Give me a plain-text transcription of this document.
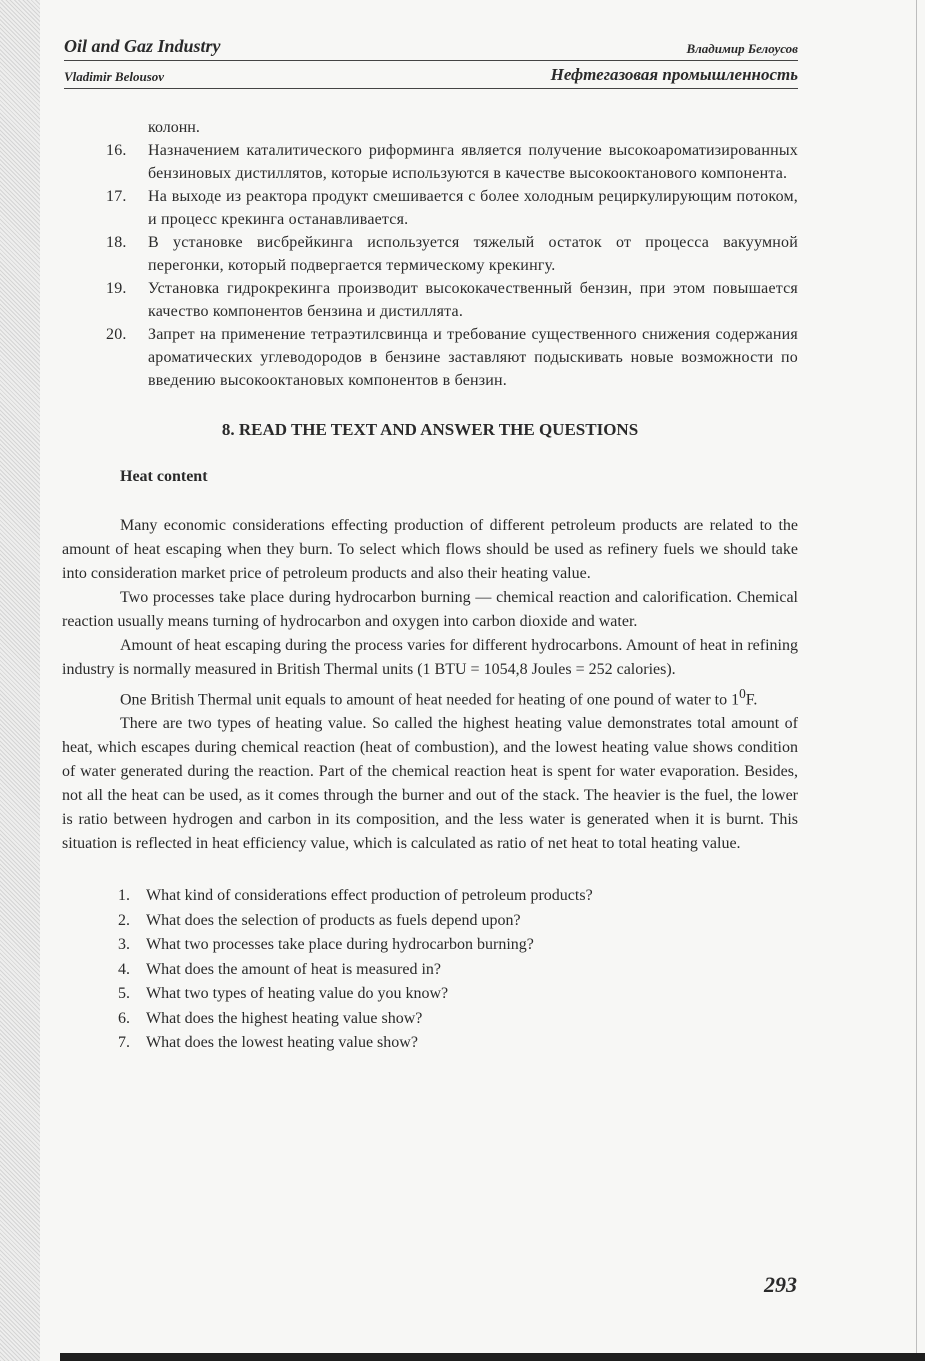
Oil and Gaz Industry	Владимир Белоусов
Vladimir Belousov	Нефтегазовая промышленность
колонн.
16.	Назначением каталитического риформинга является получение высокоароматизированных бензиновых дистиллятов, которые используются в качестве высокооктанового компонента.
17.	На выходе из реактора продукт смешивается с более холодным рециркулирующим потоком, и процесс крекинга останавливается.
18.	В установке висбрейкинга используется тяжелый остаток от процесса вакуумной перегонки, который подвергается термическому крекингу.
19.	Установка гидрокрекинга производит высококачественный бензин, при этом повышается качество компонентов бензина и дистиллята.
20.	Запрет на применение тетраэтилсвинца и требование существенного снижения содержания ароматических углеводородов в бензине заставляют подыскивать новые возможности по введению высокооктановых компонентов в бензин.
8. READ THE TEXT AND ANSWER THE QUESTIONS
Heat content

Many economic considerations effecting production of different petroleum products are related to the amount of heat escaping when they burn. To select which flows should be used as refinery fuels we should take into consideration market price of petroleum products and also their heating value.

Two processes take place during hydrocarbon burning — chemical reaction and calorification. Chemical reaction usually means turning of hydrocarbon and oxygen into carbon dioxide and water.

Amount of heat escaping during the process varies for different hydrocarbons. Amount of heat in refining industry is normally measured in British Thermal units (1 BTU = 1054,8 Joules = 252 calories).

One British Thermal unit equals to amount of heat needed for heating of one pound of water to $1^0F$.

There are two types of heating value. So called the highest heating value demonstrates total amount of heat, which escapes during chemical reaction (heat of combustion), and the lowest heating value shows condition of water generated during the reaction. Part of the chemical reaction heat is spent for water evaporation. Besides, not all the heat can be used, as it comes through the burner and out of the stack. The heavier is the fuel, the lower is ratio between hydrogen and carbon in its composition, and the less water is generated when it is burnt. This situation is reflected in heat efficiency value, which is calculated as ratio of net heat to total heating value.

1. What kind of considerations effect production of petroleum products?
2. What does the selection of products as fuels depend upon?
3. What two processes take place during hydrocarbon burning?
4. What does the amount of heat is measured in?
5. What two types of heating value do you know?
6. What does the highest heating value show?
7. What does the lowest heating value show?
293
